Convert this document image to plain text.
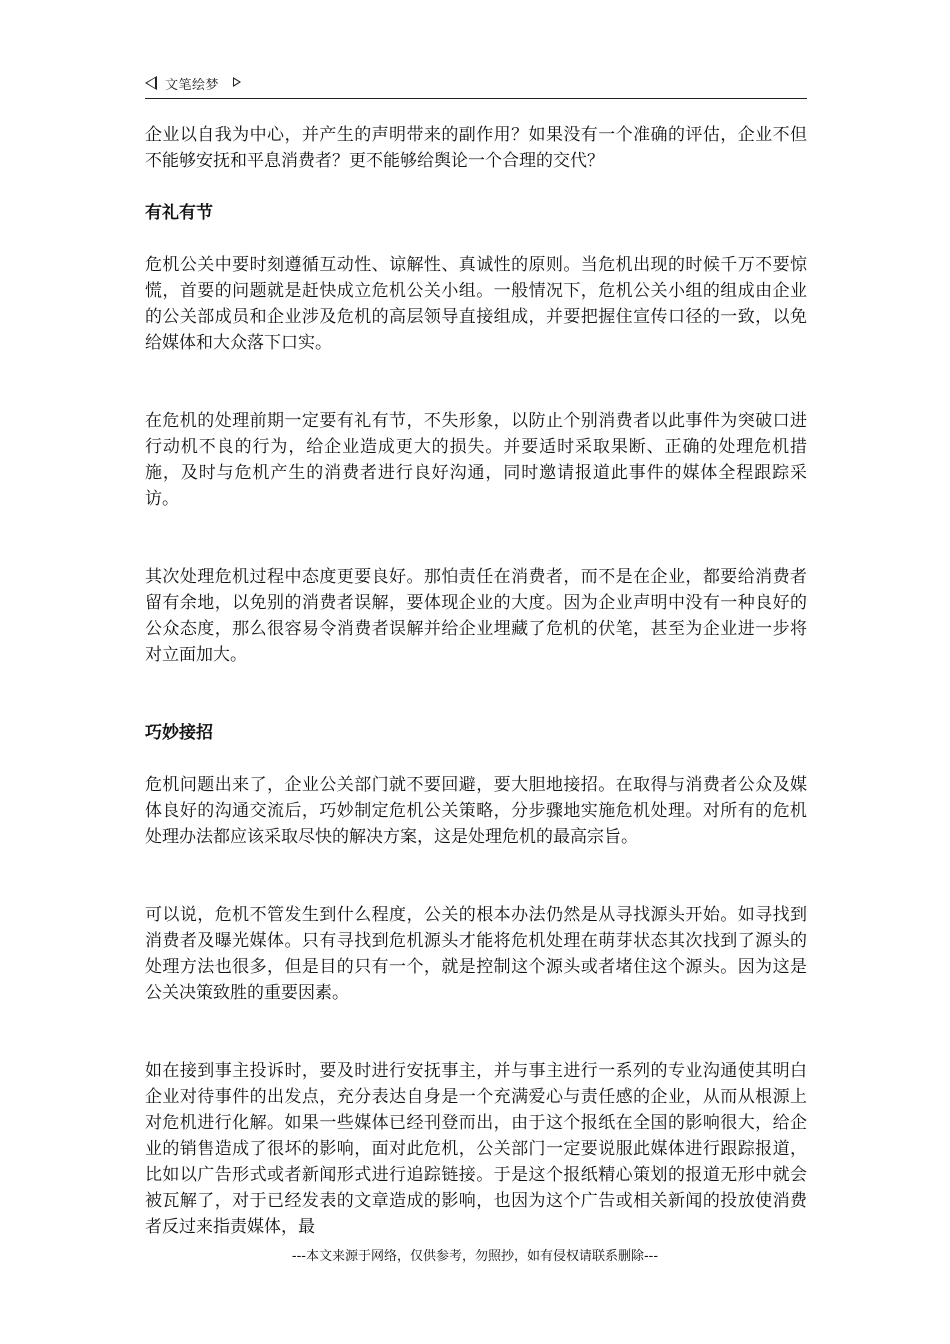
文笔绘梦

企业以自我为中心，并产生的声明带来的副作用？如果没有一个准确的评估，企业不但不能够安抚和平息消费者？更不能够给舆论一个合理的交代？

有礼有节

危机公关中要时刻遵循互动性、谅解性、真诚性的原则。当危机出现的时候千万不要惊慌，首要的问题就是赶快成立危机公关小组。一般情况下，危机公关小组的组成由企业的公关部成员和企业涉及危机的高层领导直接组成，并要把握住宣传口径的一致，以免给媒体和大众落下口实。

在危机的处理前期一定要有礼有节，不失形象，以防止个别消费者以此事件为突破口进行动机不良的行为，给企业造成更大的损失。并要适时采取果断、正确的处理危机措施，及时与危机产生的消费者进行良好沟通，同时邀请报道此事件的媒体全程跟踪采访。

其次处理危机过程中态度更要良好。那怕责任在消费者，而不是在企业，都要给消费者留有余地，以免别的消费者误解，要体现企业的大度。因为企业声明中没有一种良好的公众态度，那么很容易令消费者误解并给企业埋藏了危机的伏笔，甚至为企业进一步将对立面加大。

巧妙接招

危机问题出来了，企业公关部门就不要回避，要大胆地接招。在取得与消费者公众及媒体良好的沟通交流后，巧妙制定危机公关策略，分步骤地实施危机处理。对所有的危机处理办法都应该采取尽快的解决方案，这是处理危机的最高宗旨。

可以说，危机不管发生到什么程度，公关的根本办法仍然是从寻找源头开始。如寻找到消费者及曝光媒体。只有寻找到危机源头才能将危机处理在萌芽状态其次找到了源头的处理方法也很多，但是目的只有一个，就是控制这个源头或者堵住这个源头。因为这是公关决策致胜的重要因素。

如在接到事主投诉时，要及时进行安抚事主，并与事主进行一系列的专业沟通使其明白企业对待事件的出发点，充分表达自身是一个充满爱心与责任感的企业，从而从根源上对危机进行化解。如果一些媒体已经刊登而出，由于这个报纸在全国的影响很大，给企业的销售造成了很坏的影响，面对此危机，公关部门一定要说服此媒体进行跟踪报道，比如以广告形式或者新闻形式进行追踪链接。于是这个报纸精心策划的报道无形中就会被瓦解了，对于已经发表的文章造成的影响，也因为这个广告或相关新闻的投放使消费者反过来指责媒体，最

---本文来源于网络，仅供参考，勿照抄，如有侵权请联系删除---
